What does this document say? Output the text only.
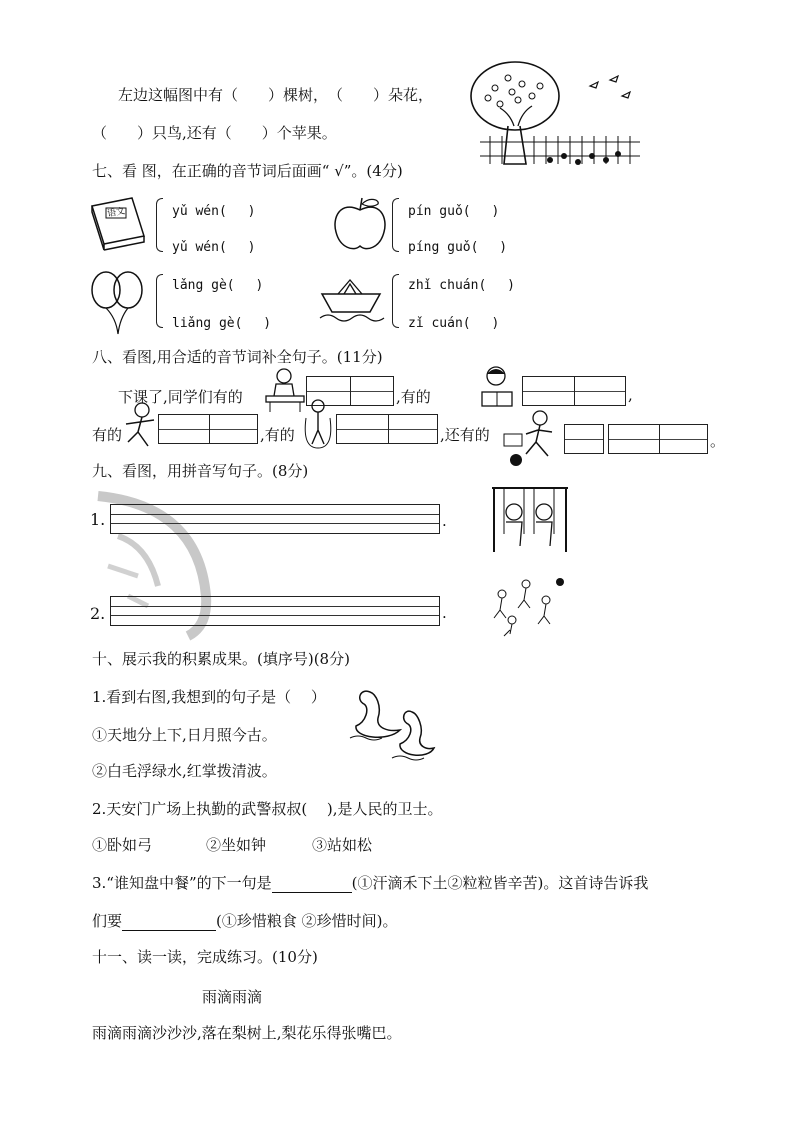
左边这幅图中有（　　）棵树，　（　　）朵花，
（　　）只鸟,还有（　　）个苹果。
七、看 图，在正确的音节词后面画“ √”。(4分)
语文	yǔ wén(　 )
yǔ wén(　 )
pín guǒ(　 )
píng guǒ(　 )
lǎng gè(　 )
liǎng gè(　 )
zhǐ chuán(　 )
zǐ cuán(　 )
八、看图,用合适的音节词补全句子。(11分)
下课了,同学们有的	,有的	,
有的	,有的	,还有的	。
九、看图，用拼音写句子。(8分)
1.	.
2.	.
十、展示我的积累成果。(填序号)(8分)
1.看到右图,我想到的句子是（　 ）
①天地分上下,日月照今古。
②白毛浮绿水,红掌拨清波。
2.天安门广场上执勤的武警叔叔(　 ),是人民的卫士。
①卧如弓	②坐如钟	③站如松
3.“谁知盘中餐”的下一句是	(①汗滴禾下土②粒粒皆辛苦)。这首诗告诉我
们要	(①珍惜粮食 ②珍惜时间)。
十一、读一读，完成练习。(10分)
雨滴雨滴
雨滴雨滴沙沙沙,落在梨树上,梨花乐得张嘴巴。
